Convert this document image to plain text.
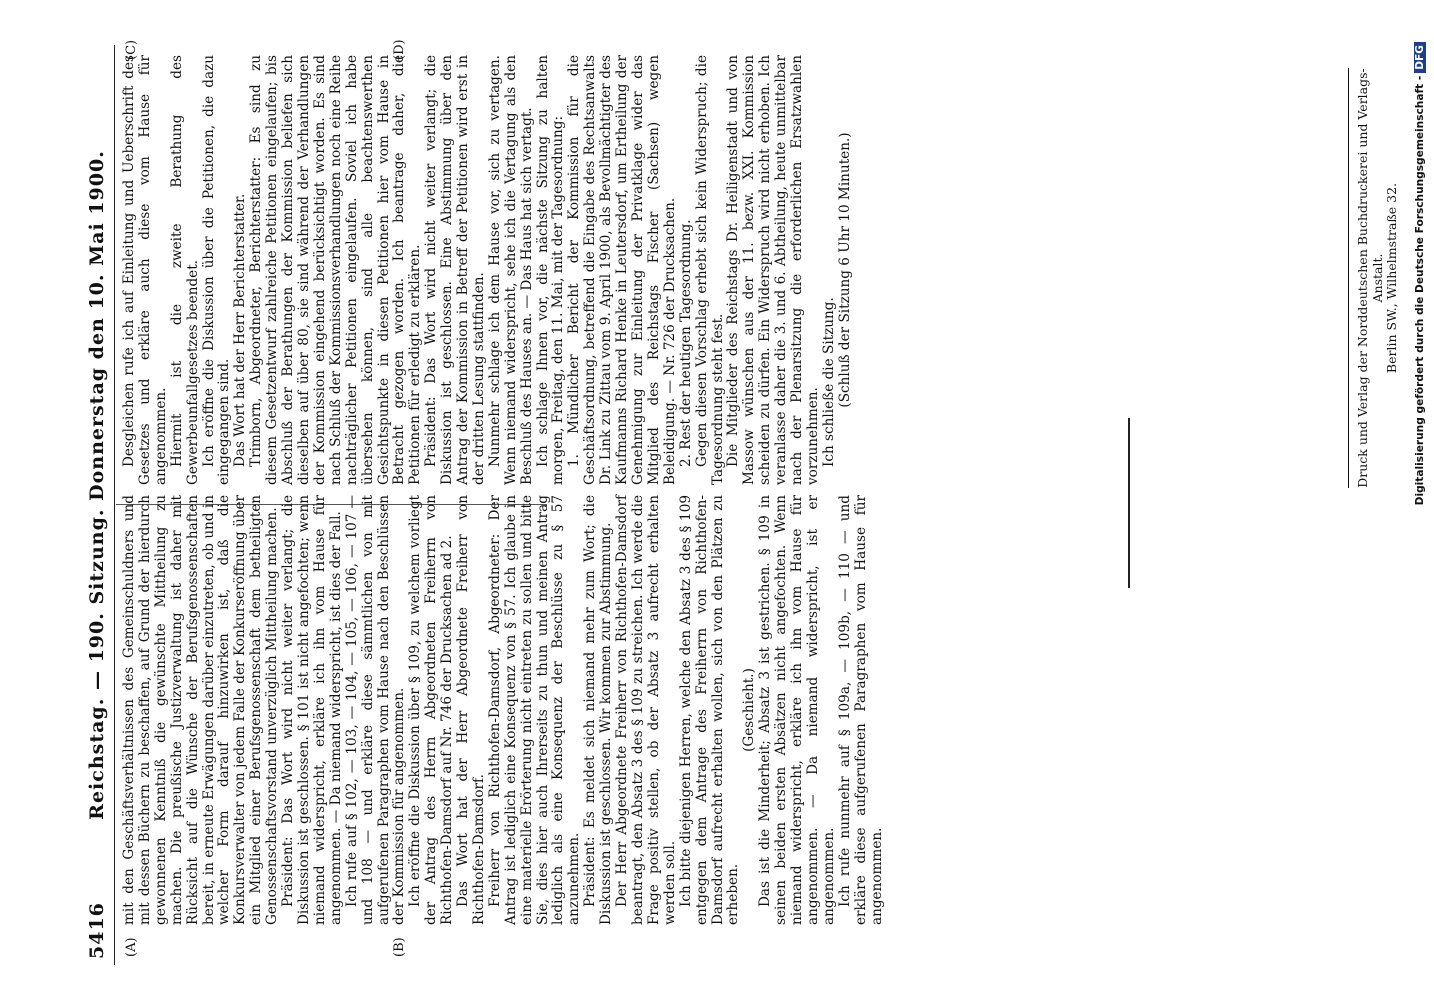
5416
Reichstag. — 190. Sitzung. Donnerstag den 10. Mai 1900.
(A)	(B)
(C)	(D)

mit den Geschäftsverhältnissen des Gemeinschuldners und mit dessen Büchern zu beschaffen, auf Grund der hierdurch gewonnenen Kenntniß die gewünschte Mittheilung zu machen. Die preußische Justizverwaltung ist daher mit Rücksicht auf die Wünsche der Berufsgenossenschaften bereit, in erneute Erwägungen darüber einzutreten, ob und in welcher Form darauf hinzuwirken ist, daß die Konkursverwalter von jedem Falle der Konkurseröffnung über ein Mitglied einer Berufsgenossenschaft dem betheiligten Genossenschaftsvorstand unverzüglich Mittheilung machen. Präsident: Das Wort wird nicht weiter verlangt; die Diskussion ist geschlossen. § 101 ist nicht angefochten; wenn niemand widerspricht, erkläre ich ihn vom Hause für angenommen. — Da niemand widerspricht, ist dies der Fall. Ich rufe auf § 102, — 103, — 104, — 105, — 106, — 107 — und 108 — und erkläre diese sämmtlichen von mit aufgerufenen Paragraphen vom Hause nach den Beschlüssen der Kommission für angenommen. Ich eröffne die Diskussion über § 109, zu welchem vorliegt der Antrag des Herrn Abgeordneten Freiherrn von Richthofen-Damsdorf auf Nr. 746 der Drucksachen ad 2. Das Wort hat der Herr Abgeordnete Freiherr von Richthofen-Damsdorf. Freiherr von Richthofen-Damsdorf, Abgeordneter: Der Antrag ist lediglich eine Konsequenz von § 57. Ich glaube in eine materielle Erörterung nicht eintreten zu sollen und bitte Sie, dies hier auch Ihrerseits zu thun und meinen Antrag lediglich als eine Konsequenz der Beschlüsse zu § 57 anzunehmen. Präsident: Es meldet sich niemand mehr zum Wort; die Diskussion ist geschlossen. Wir kommen zur Abstimmung. Der Herr Abgeordnete Freiherr von Richthofen-Damsdorf beantragt, den Absatz 3 des § 109 zu streichen. Ich werde die Frage positiv stellen, ob der Absatz 3 aufrecht erhalten werden soll. Ich bitte diejenigen Herren, welche den Absatz 3 des § 109 entgegen dem Antrage des Freiherrn von Richthofen-Damsdorf aufrecht erhalten wollen, sich von den Plätzen zu erheben.

(Geschieht.) Das ist die Minderheit; Absatz 3 ist gestrichen. § 109 in seinen beiden ersten Absätzen nicht angefochten. Wenn niemand widerspricht, erkläre ich ihn vom Hause für angenommen. — Da niemand widerspricht, ist er angenommen. Ich rufe nunmehr auf § 109a, — 109b, — 110 — und erkläre diese aufgerufenen Paragraphen vom Hause für angenommen.

Desgleichen rufe ich auf Einleitung und Ueberschrift des Gesetzes und erkläre auch diese vom Hause für angenommen. Hiermit ist die zweite Berathung des Gewerbeunfallgesetzes beendet. Ich eröffne die Diskussion über die Petitionen, die dazu eingegangen sind. Das Wort hat der Herr Berichterstatter. Trimborn, Abgeordneter, Berichterstatter: Es sind zu diesem Gesetzentwurf zahlreiche Petitionen eingelaufen; bis Abschluß der Berathungen der Kommission beliefen sich dieselben auf über 80, sie sind während der Verhandlungen der Kommission eingehend berücksichtigt worden. Es sind nach Schluß der Kommissionsverhandlungen noch eine Reihe nachträglicher Petitionen eingelaufen. Soviel ich habe übersehen können, sind alle beachtenswerthen Gesichtspunkte in diesen Petitionen hier vom Hause in Betracht gezogen worden. Ich beantrage daher, die Petitionen für erledigt zu erklären. Präsident: Das Wort wird nicht weiter verlangt; die Diskussion ist geschlossen. Eine Abstimmung über den Antrag der Kommission in Betreff der Petitionen wird erst in der dritten Lesung stattfinden. Nunmehr schlage ich dem Hause vor, sich zu vertagen. Wenn niemand widerspricht, sehe ich die Vertagung als den Beschluß des Hauses an. — Das Haus hat sich vertagt. Ich schlage Ihnen vor, die nächste Sitzung zu halten morgen, Freitag, den 11. Mai, mit der Tagesordnung: 1. Mündlicher Bericht der Kommission für die Geschäftsordnung, betreffend die Eingabe des Rechtsanwalts Dr. Link zu Zittau vom 9. April 1900, als Bevollmächtigter des Kaufmanns Richard Henke in Leutersdorf, um Ertheilung der Genehmigung zur Einleitung der Privatklage wider das Mitglied des Reichstags Fischer (Sachsen) wegen Beleidigung. — Nr. 726 der Drucksachen. 2. Rest der heutigen Tagesordnung. Gegen diesen Vorschlag erhebt sich kein Widerspruch; die Tagesordnung steht fest. Die Mitglieder des Reichstags Dr. Heiligenstadt und von Massow wünschen aus der 11. bezw. XXI. Kommission scheiden zu dürfen. Ein Widerspruch wird nicht erhoben. Ich veranlasse daher die 3. und 6. Abtheilung, heute unmittelbar nach der Plenarsitzung die erforderlichen Ersatzwahlen vorzunehmen. Ich schließe die Sitzung. (Schluß der Sitzung 6 Uhr 10 Minuten.)	Druck und Verlag der Norddeutschen Buchdruckerei und Verlags-Anstalt. Berlin SW., Wilhelmstraße 32. Digitalisierung gefördert durch die Deutsche Forschungsgemeinschaft -DFG
